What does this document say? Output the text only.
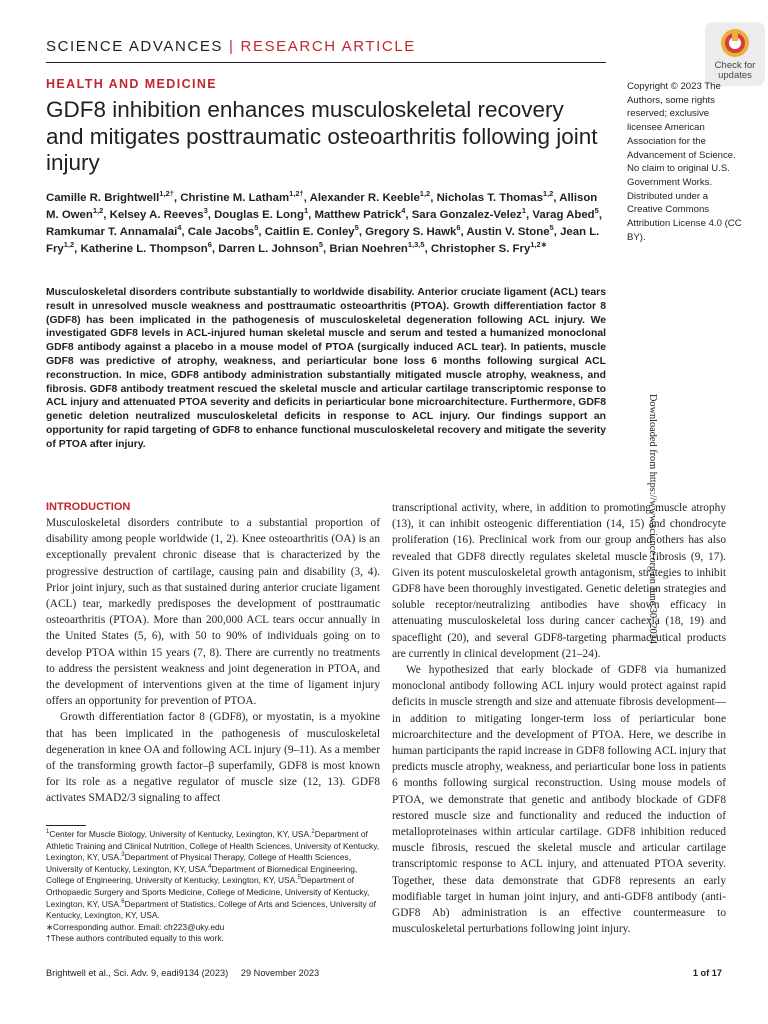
SCIENCE ADVANCES | RESEARCH ARTICLE
Check for
updates
HEALTH AND MEDICINE
GDF8 inhibition enhances musculoskeletal recovery and mitigates posttraumatic osteoarthritis following joint injury
Camille R. Brightwell$^{1,2\dagger}$, Christine M. Latham$^{1,2\dagger}$, Alexander R. Keeble$^{1,2}$, Nicholas T. Thomas$^{1,2}$, Allison M. Owen$^{1,2}$, Kelsey A. Reeves$^3$, Douglas E. Long$^1$, Matthew Patrick$^4$, Sara Gonzalez-Velez$^1$, Varag Abed$^5$, Ramkumar T. Annamalai$^4$, Cale Jacobs$^5$, Caitlin E. Conley$^5$, Gregory S. Hawk$^6$, Austin V. Stone$^5$, Jean L. Fry$^{1,2}$, Katherine L. Thompson$^6$, Darren L. Johnson$^5$, Brian Noehren$^{1,3,5}$, Christopher S. Fry$^{1,2∗}$
Copyright © 2023 The Authors, some rights reserved; exclusive licensee American Association for the Advancement of Science. No claim to original U.S. Government Works. Distributed under a Creative Commons Attribution License 4.0 (CC BY).
Musculoskeletal disorders contribute substantially to worldwide disability. Anterior cruciate ligament (ACL) tears result in unresolved muscle weakness and posttraumatic osteoarthritis (PTOA). Growth differentiation factor 8 (GDF8) has been implicated in the pathogenesis of musculoskeletal degeneration following ACL injury. We investigated GDF8 levels in ACL-injured human skeletal muscle and serum and tested a humanized monoclonal GDF8 antibody against a placebo in a mouse model of PTOA (surgically induced ACL tear). In patients, muscle GDF8 was predictive of atrophy, weakness, and periarticular bone loss 6 months following surgical ACL reconstruction. In mice, GDF8 antibody administration substantially mitigated muscle atrophy, weakness, and fibrosis. GDF8 antibody treatment rescued the skeletal muscle and articular cartilage transcriptomic response to ACL injury and attenuated PTOA severity and deficits in periarticular bone microarchitecture. Furthermore, GDF8 genetic deletion neutralized musculoskeletal deficits in response to ACL injury. Our findings support an opportunity for rapid targeting of GDF8 to enhance functional musculoskeletal recovery and mitigate the severity of PTOA after injury.	Downloaded from https://www.science.org on June 30, 2024
INTRODUCTION

Musculoskeletal disorders contribute to a substantial proportion of disability among people worldwide (1, 2). Knee osteoarthritis (OA) is an exceptionally prevalent chronic disease that is characterized by the progressive destruction of cartilage, causing pain and disability (3, 4). Prior joint injury, such as that sustained during anterior cruciate ligament (ACL) tear, markedly predisposes the development of posttraumatic osteoarthritis (PTOA). More than 200,000 ACL tears occur annually in the United States (5, 6), with 50 to 90% of individuals going on to develop PTOA within 15 years (7, 8). There are currently no treatments to address the persistent weakness and joint degeneration in PTOA, and the development of interventions given at the time of ligament injury offers an opportunity for prevention of PTOA.

Growth differentiation factor 8 (GDF8), or myostatin, is a myokine that has been implicated in the pathogenesis of musculoskeletal degeneration in knee OA and following ACL injury (9–11). As a member of the transforming growth factor–β superfamily, GDF8 is most known for its role as a negative regulator of muscle size (12, 13). GDF8 activates SMAD2/3 signaling to affect

transcriptional activity, where, in addition to promoting muscle atrophy (13), it can inhibit osteogenic differentiation (14, 15) and chondrocyte proliferation (16). Preclinical work from our group and others has also revealed that GDF8 directly regulates skeletal muscle fibrosis (9, 17). Given its potent musculoskeletal growth antagonism, strategies to inhibit GDF8 have been thoroughly investigated. Genetic deletion strategies and soluble receptor/neutralizing antibodies have shown efficacy in attenuating musculoskeletal loss during cancer cachexia (18, 19) and spaceflight (20), and several GDF8-targeting pharmaceutical products are currently in clinical development (21–24).

We hypothesized that early blockade of GDF8 via humanized monoclonal antibody following ACL injury would protect against rapid deficits in muscle strength and size and attenuate fibrosis development—in addition to mitigating longer-term loss of periarticular bone microarchitecture and the development of PTOA. Here, we describe in human participants the rapid increase in GDF8 following ACL injury that predicts muscle atrophy, weakness, and periarticular bone loss in patients 6 months following surgical reconstruction. Using mouse models of PTOA, we demonstrate that genetic and antibody blockade of GDF8 restored muscle size and functionality and reduced the induction of metalloproteinases within articular cartilage. GDF8 inhibition reduced muscle fibrosis, rescued the skeletal muscle and articular cartilage transcriptomic response to ACL injury, and attenuated PTOA severity. Together, these data demonstrate that GDF8 represents an early modifiable target in human joint injury, and anti-GDF8 antibody (anti-GDF8 Ab) administration is an effective countermeasure to musculoskeletal perturbations following joint injury.

$^1$Center for Muscle Biology, University of Kentucky, Lexington, KY, USA.$^2$Department of Athletic Training and Clinical Nutrition, College of Health Sciences, University of Kentucky, Lexington, KY, USA.$^3$Department of Physical Therapy, College of Health Sciences, University of Kentucky, Lexington, KY, USA.$^4$Department of Biomedical Engineering, College of Engineering, University of Kentucky, Lexington, KY, USA.$^5$Department of Orthopaedic Surgery and Sports Medicine, College of Medicine, University of Kentucky, Lexington, KY, USA.$^6$Department of Statistics, College of Arts and Sciences, University of Kentucky, Lexington, KY, USA.

∗Corresponding author. Email: cfr223@uky.edu

†These authors contributed equally to this work.

Brightwell et al., Sci. Adv. 9, eadi9134 (2023)     29 November 2023	1 of 17
